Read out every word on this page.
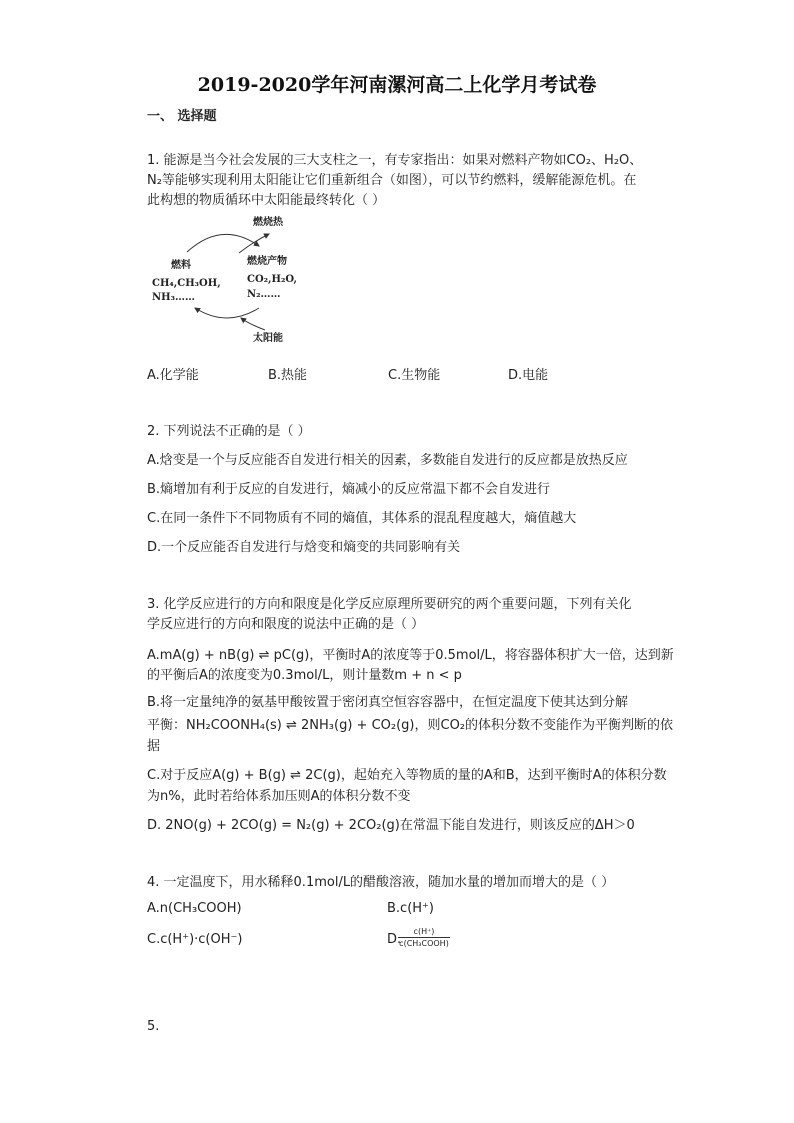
2019-2020学年河南漯河高二上化学月考试卷
一、 选择题
1. 能源是当今社会发展的三大支柱之一，有专家指出：如果对燃料产物如CO₂、H₂O、
N₂等能够实现利用太阳能让它们重新组合（如图），可以节约燃料，缓解能源危机。在
此构想的物质循环中太阳能最终转化（ ）
燃烧热
燃料
CH₄,CH₃OH,
NH₃……
燃烧产物
CO₂,H₂O,
N₂……
太阳能
A.化学能	B.热能	C.生物能	D.电能
2. 下列说法不正确的是（ ）
A.焓变是一个与反应能否自发进行相关的因素，多数能自发进行的反应都是放热反应
B.熵增加有利于反应的自发进行，熵减小的反应常温下都不会自发进行
C.在同一条件下不同物质有不同的熵值，其体系的混乱程度越大，熵值越大
D.一个反应能否自发进行与焓变和熵变的共同影响有关
3. 化学反应进行的方向和限度是化学反应原理所要研究的两个重要问题，下列有关化
学反应进行的方向和限度的说法中正确的是（ ）
A.mA(g) + nB(g) ⇌ pC(g)，平衡时A的浓度等于0.5mol/L，将容器体积扩大一倍，达到新
的平衡后A的浓度变为0.3mol/L，则计量数m + n < p
B.将一定量纯净的氨基甲酸铵置于密闭真空恒容容器中，在恒定温度下使其达到分解
平衡：NH₂COONH₄(s) ⇌ 2NH₃(g) + CO₂(g)，则CO₂的体积分数不变能作为平衡判断的依
据
C.对于反应A(g) + B(g) ⇌ 2C(g)，起始充入等物质的量的A和B，达到平衡时A的体积分数
为n%，此时若给体系加压则A的体积分数不变
D. 2NO(g) + 2CO(g) = N₂(g) + 2CO₂(g)在常温下能自发进行，则该反应的ΔH＞0
4. 一定温度下，用水稀释0.1mol/L的醋酸溶液，随加水量的增加而增大的是（ ）
A.n(CH₃COOH)	B.c(H⁺)
C.c(H⁺)·c(OH⁻)	D.
c(H⁺)
c(CH₃COOH)
5.
